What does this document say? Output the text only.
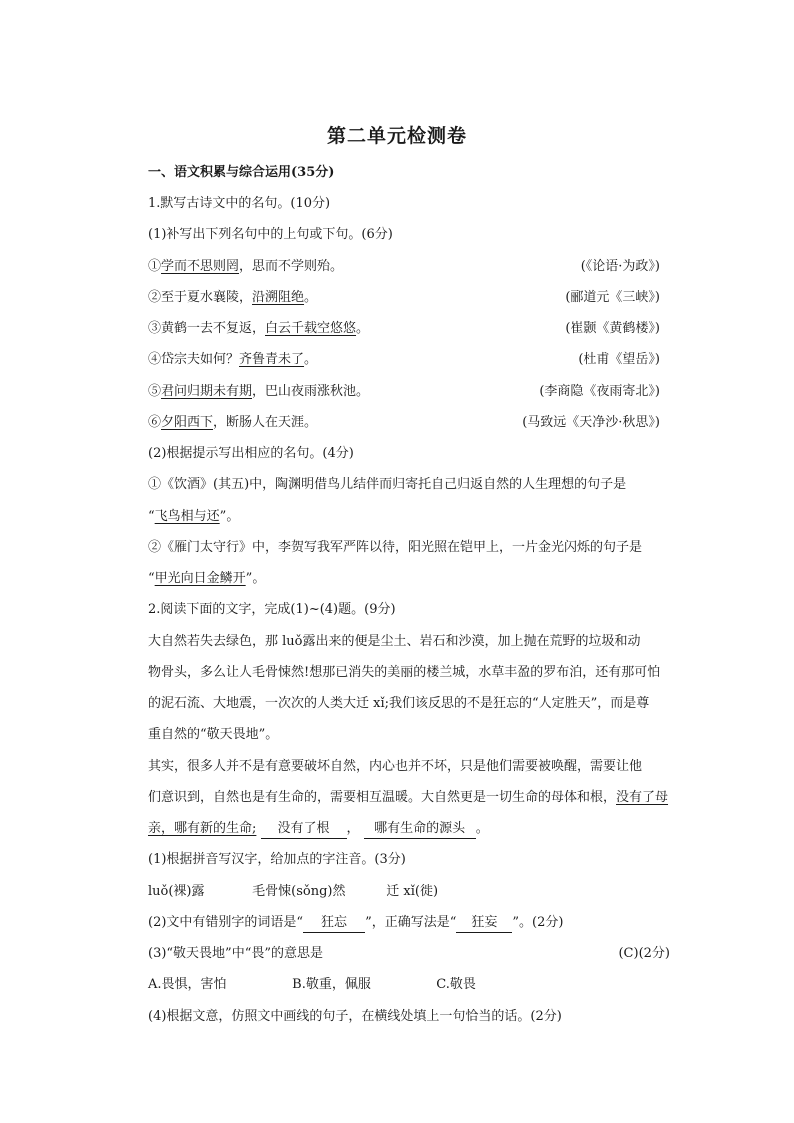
第二单元检测卷
一、语文积累与综合运用(35分)
1.默写古诗文中的名句。(10分)
(1)补写出下列名句中的上句或下句。(6分)
①学而不思则罔，思而不学则殆。	(《论语·为政》)
②至于夏水襄陵，沿溯阻绝。	(郦道元《三峡》)
③黄鹤一去不复返，白云千载空悠悠。	(崔颢《黄鹤楼》)
④岱宗夫如何？齐鲁青未了。	(杜甫《望岳》)
⑤君问归期未有期，巴山夜雨涨秋池。	(李商隐《夜雨寄北》)
⑥夕阳西下，断肠人在天涯。	(马致远《天净沙·秋思》)
(2)根据提示写出相应的名句。(4分)
①《饮酒》(其五)中，陶渊明借鸟儿结伴而归寄托自己归返自然的人生理想的句子是
“飞鸟相与还”。
②《雁门太守行》中，李贺写我军严阵以待，阳光照在铠甲上，一片金光闪烁的句子是
“甲光向日金鳞开”。
2.阅读下面的文字，完成(1)~(4)题。(9分)
大自然若失去绿色，那 luǒ露出来的便是尘土、岩石和沙漠，加上抛在荒野的垃圾和动
物骨头，多么让人毛骨悚然!想那已消失的美丽的楼兰城，水草丰盈的罗布泊，还有那可怕
的泥石流、大地震，一次次的人类大迁 xǐ;我们该反思的不是狂忘的“人定胜天”，而是尊
重自然的“敬天畏地”。
其实，很多人并不是有意要破坏自然，内心也并不坏，只是他们需要被唤醒，需要让他
们意识到，自然也是有生命的，需要相互温暖。大自然更是一切生命的母体和根，没有了母
亲，哪有新的生命; 没有了根 ， 哪有生命的源头 。
(1)根据拼音写汉字，给加点的字注音。(3分)
luǒ(裸)露	毛骨悚(sǒng)然	迁 xǐ(徙)
(2)文中有错别字的词语是“ 狂忘 ”，正确写法是“ 狂妄 ”。(2分)
(3)“敬天畏地”中“畏”的意思是	(C)(2分)
A.畏惧，害怕	B.敬重，佩服	C.敬畏
(4)根据文意，仿照文中画线的句子，在横线处填上一句恰当的话。(2分)
